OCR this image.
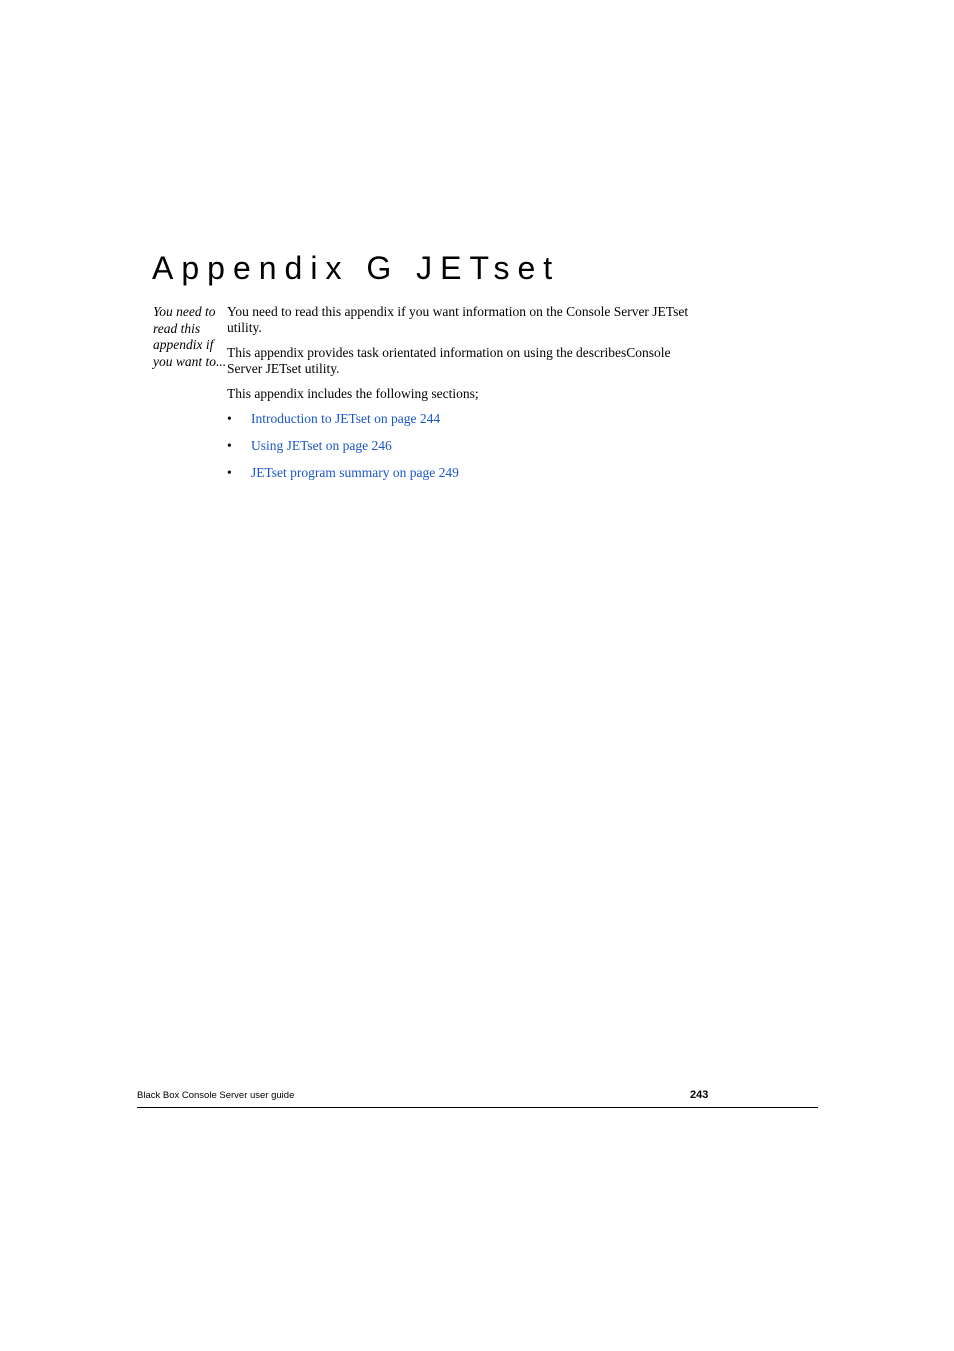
Appendix G JETset
You need to
read this
appendix if
you want to...

You need to read this appendix if you want information on the Console Server JETset
utility.

This appendix provides task orientated information on using the describesConsole
Server JETset utility.

This appendix includes the following sections;

• Introduction to JETset on page 244
• Using JETset on page 246
• JETset program summary on page 249
Black Box Console Server user guide	243
